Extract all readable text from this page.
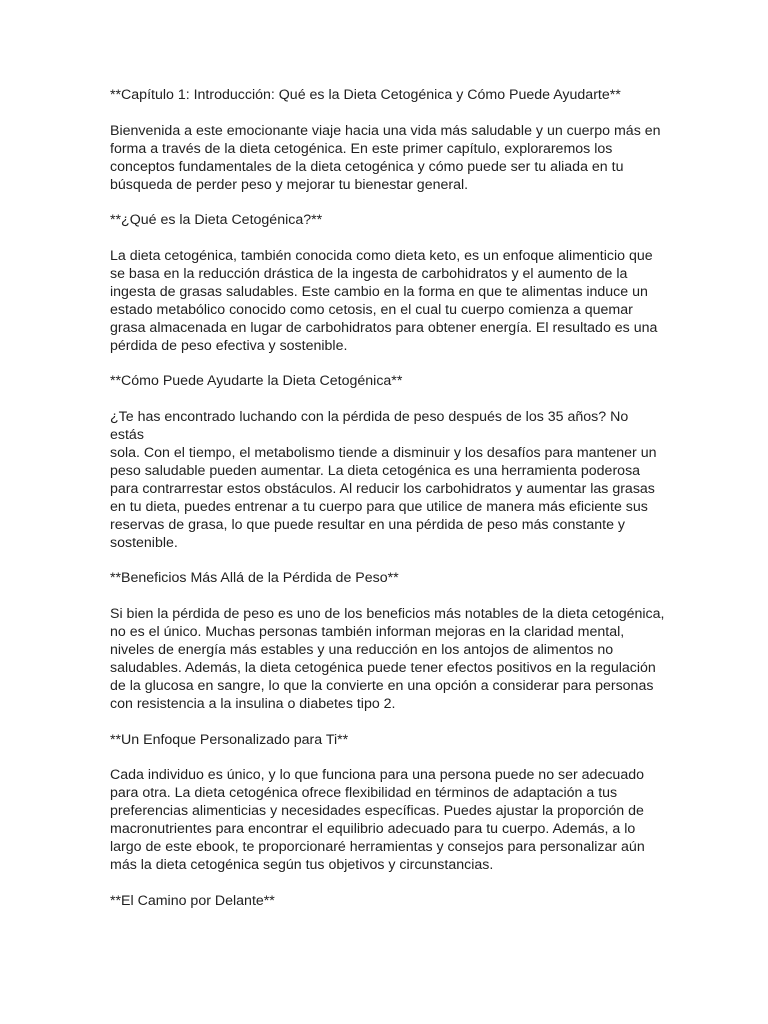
**Capítulo 1: Introducción: Qué es la Dieta Cetogénica y Cómo Puede Ayudarte**

Bienvenida a este emocionante viaje hacia una vida más saludable y un cuerpo más en
forma a través de la dieta cetogénica. En este primer capítulo, exploraremos los
conceptos fundamentales de la dieta cetogénica y cómo puede ser tu aliada en tu
búsqueda de perder peso y mejorar tu bienestar general.

**¿Qué es la Dieta Cetogénica?**

La dieta cetogénica, también conocida como dieta keto, es un enfoque alimenticio que
se basa en la reducción drástica de la ingesta de carbohidratos y el aumento de la
ingesta de grasas saludables. Este cambio en la forma en que te alimentas induce un
estado metabólico conocido como cetosis, en el cual tu cuerpo comienza a quemar
grasa almacenada en lugar de carbohidratos para obtener energía. El resultado es una
pérdida de peso efectiva y sostenible.

**Cómo Puede Ayudarte la Dieta Cetogénica**

¿Te has encontrado luchando con la pérdida de peso después de los 35 años? No estás
sola. Con el tiempo, el metabolismo tiende a disminuir y los desafíos para mantener un
peso saludable pueden aumentar. La dieta cetogénica es una herramienta poderosa
para contrarrestar estos obstáculos. Al reducir los carbohidratos y aumentar las grasas
en tu dieta, puedes entrenar a tu cuerpo para que utilice de manera más eficiente sus
reservas de grasa, lo que puede resultar en una pérdida de peso más constante y
sostenible.

**Beneficios Más Allá de la Pérdida de Peso**

Si bien la pérdida de peso es uno de los beneficios más notables de la dieta cetogénica,
no es el único. Muchas personas también informan mejoras en la claridad mental,
niveles de energía más estables y una reducción en los antojos de alimentos no
saludables. Además, la dieta cetogénica puede tener efectos positivos en la regulación
de la glucosa en sangre, lo que la convierte en una opción a considerar para personas
con resistencia a la insulina o diabetes tipo 2.

**Un Enfoque Personalizado para Ti**

Cada individuo es único, y lo que funciona para una persona puede no ser adecuado
para otra. La dieta cetogénica ofrece flexibilidad en términos de adaptación a tus
preferencias alimenticias y necesidades específicas. Puedes ajustar la proporción de
macronutrientes para encontrar el equilibrio adecuado para tu cuerpo. Además, a lo
largo de este ebook, te proporcionaré herramientas y consejos para personalizar aún
más la dieta cetogénica según tus objetivos y circunstancias.

**El Camino por Delante**
